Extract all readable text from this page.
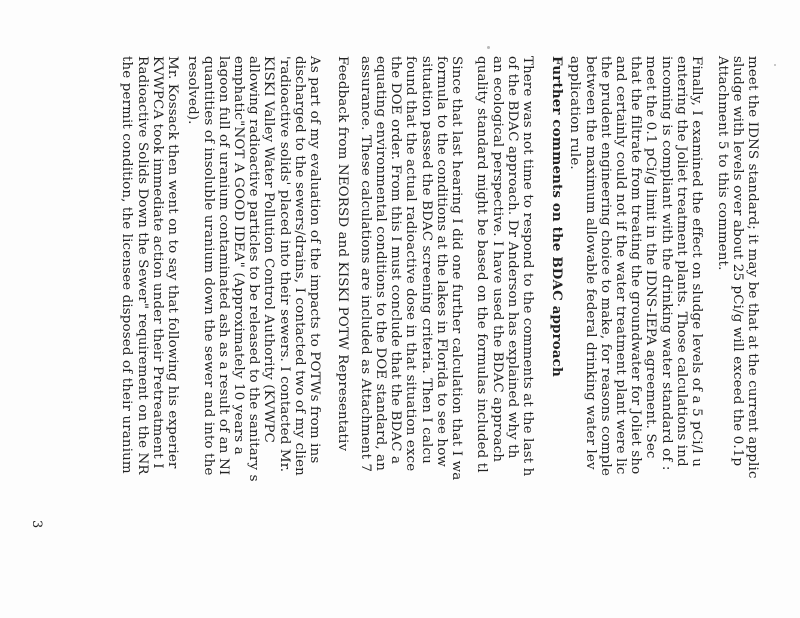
meet the IDNS standard; it may be that at the current applic
sludge with levels over about 25 pCi/g will exceed the 0.1p
Attachment 5 to this comment.
Finally, I examined the effect on sludge levels of a 5 pCi/l u
entering the Joliet treatment plants. Those calculations ind
incoming is compliant with the drinking water standard of :
meet the 0.1 pCi/g limit in the IDNS-IEPA agreement. Sec
that the filtrate from treating the groundwater for Joliet sho
and certainly could not if the water treatment plant were lic
the prudent engineering choice to make, for reasons comple
between the maximum allowable federal drinking water lev
application rule.
Further comments on the BDAC approach
There was not time to respond to the comments at the last h
of the BDAC approach. Dr Anderson has explained why th
an ecological perspective. I have used the BDAC approach
quality standard might be based on the formulas included tl
Since that last hearing I did one further calculation that I wa
formula to the conditions at the lakes in Florida to see how
situation passed the BDAC screening criteria. Then I calcu
found that the actual radioactive dose in that situation exce
the DOE order. From this I must conclude that the BDAC a
equating environmental conditions to the DOE standard, an
assurance. These calculations are included as Attachment 7
Feedback from NEORSD and KISKI POTW Representativ
As part of my evaluation of the impacts to POTWs from ins
discharged to the sewers/drains, I contacted two of my clien
'radioactive solids' placed into their sewers. I contacted Mr.
KISKI Valley Water Pollution Control Authority (KVWPC
allowing radioactive particles to be released to the sanitary s
emphatic"NOT A GOOD IDEA" (Approximately 10 years a
lagoon full of uranium contaminated ash as a result of an NI
quantities of insoluble uranium down the sewer and into the
resolved).
Mr. Kossack then went on to say that following his experier
KVWPCA took immediate action under their Pretreatment I
Radioactive Solids Down the Sewer" requirement on the NR
the permit condition, the licensee disposed of their uranium
3
